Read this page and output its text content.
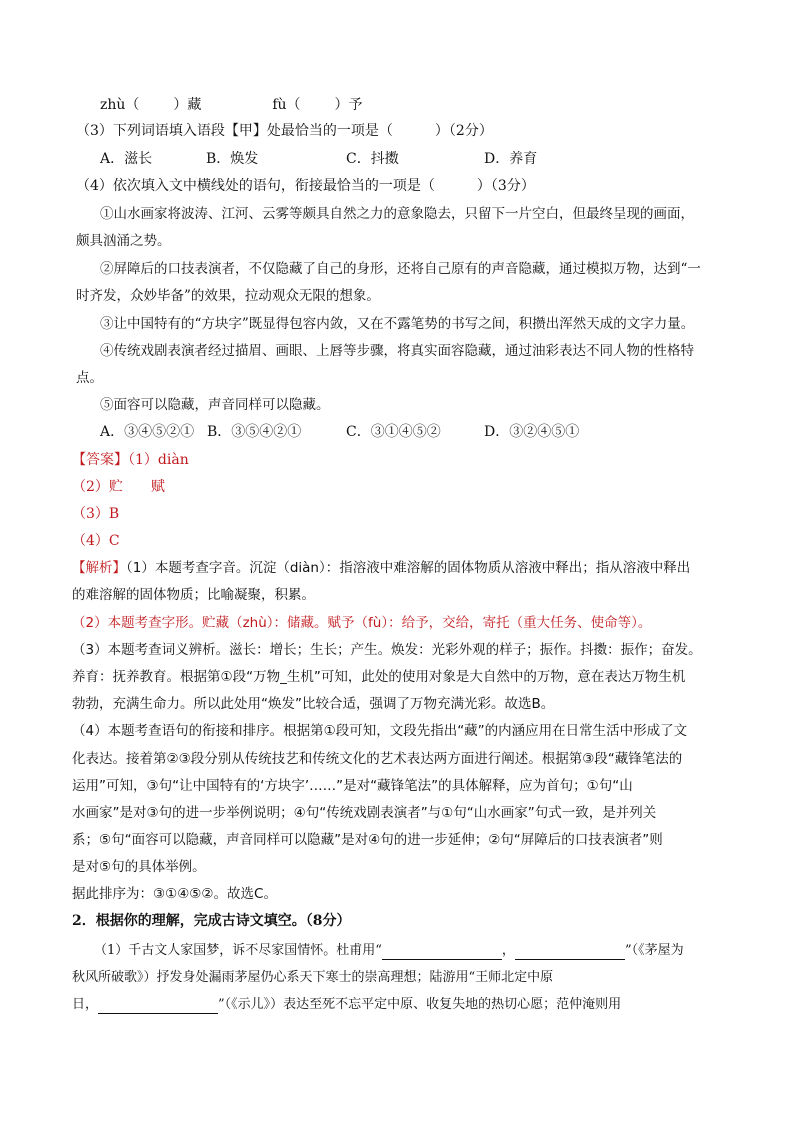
zhù（ ）藏	fù（ ）予
（3）下列词语填入语段【甲】处最恰当的一项是（　　　）（2分）
A．滋长	B．焕发	C．抖擞	D．养育
（4）依次填入文中横线处的语句，衔接最恰当的一项是（　　　）（3分）
①山水画家将波涛、江河、云雾等颇具自然之力的意象隐去，只留下一片空白，但最终呈现的画面，
颇具汹涌之势。
②屏障后的口技表演者，不仅隐藏了自己的身形，还将自己原有的声音隐藏，通过模拟万物，达到“一
时齐发，众妙毕备”的效果，拉动观众无限的想象。
③让中国特有的“方块字”既显得包容内敛，又在不露笔势的书写之间，积攒出浑然天成的文字力量。
④传统戏剧表演者经过描眉、画眼、上唇等步骤，将真实面容隐藏，通过油彩表达不同人物的性格特
点。
⑤面容可以隐藏，声音同样可以隐藏。
A．③④⑤②① B．③⑤④②①	C．③①④⑤②	D．③②④⑤①
【答案】（1）diàn
（2）贮 赋
（3）B
（4）C
【解析】（1）本题考查字音。沉淀（diàn）：指溶液中难溶解的固体物质从溶液中释出；指从溶液中释出
的难溶解的固体物质；比喻凝聚，积累。
（2）本题考查字形。贮藏（zhù）：储藏。赋予（fù）：给予，交给，寄托（重大任务、使命等）。
（3）本题考查词义辨析。滋长：增长；生长；产生。焕发：光彩外观的样子；振作。抖擞：振作；奋发。
养育：抚养教育。根据第①段“万物_生机”可知，此处的使用对象是大自然中的万物，意在表达万物生机
勃勃，充满生命力。所以此处用“焕发”比较合适，强调了万物充满光彩。故选B。
（4）本题考查语句的衔接和排序。根据第①段可知，文段先指出“藏”的内涵应用在日常生活中形成了文
化表达。接着第②③段分别从传统技艺和传统文化的艺术表达两方面进行阐述。根据第③段“藏锋笔法的
运用”可知，③句“让中国特有的‘方块字’……”是对“藏锋笔法”的具体解释，应为首句；①句“山
水画家”是对③句的进一步举例说明；④句“传统戏剧表演者”与①句“山水画家”句式一致，是并列关
系；⑤句“面容可以隐藏，声音同样可以隐藏”是对④句的进一步延伸；②句“屏障后的口技表演者”则
是对⑤句的具体举例。
据此排序为：③①④⑤②。故选C。
2．根据你的理解，完成古诗文填空。（8分）
（1）千古文人家国梦，诉不尽家国情怀。杜甫用“	，	”（《茅屋为
秋风所破歌》）抒发身处漏雨茅屋仍心系天下寒士的崇高理想；陆游用“王师北定中原
日，	”（《示儿》）表达至死不忘平定中原、收复失地的热切心愿；范仲淹则用
